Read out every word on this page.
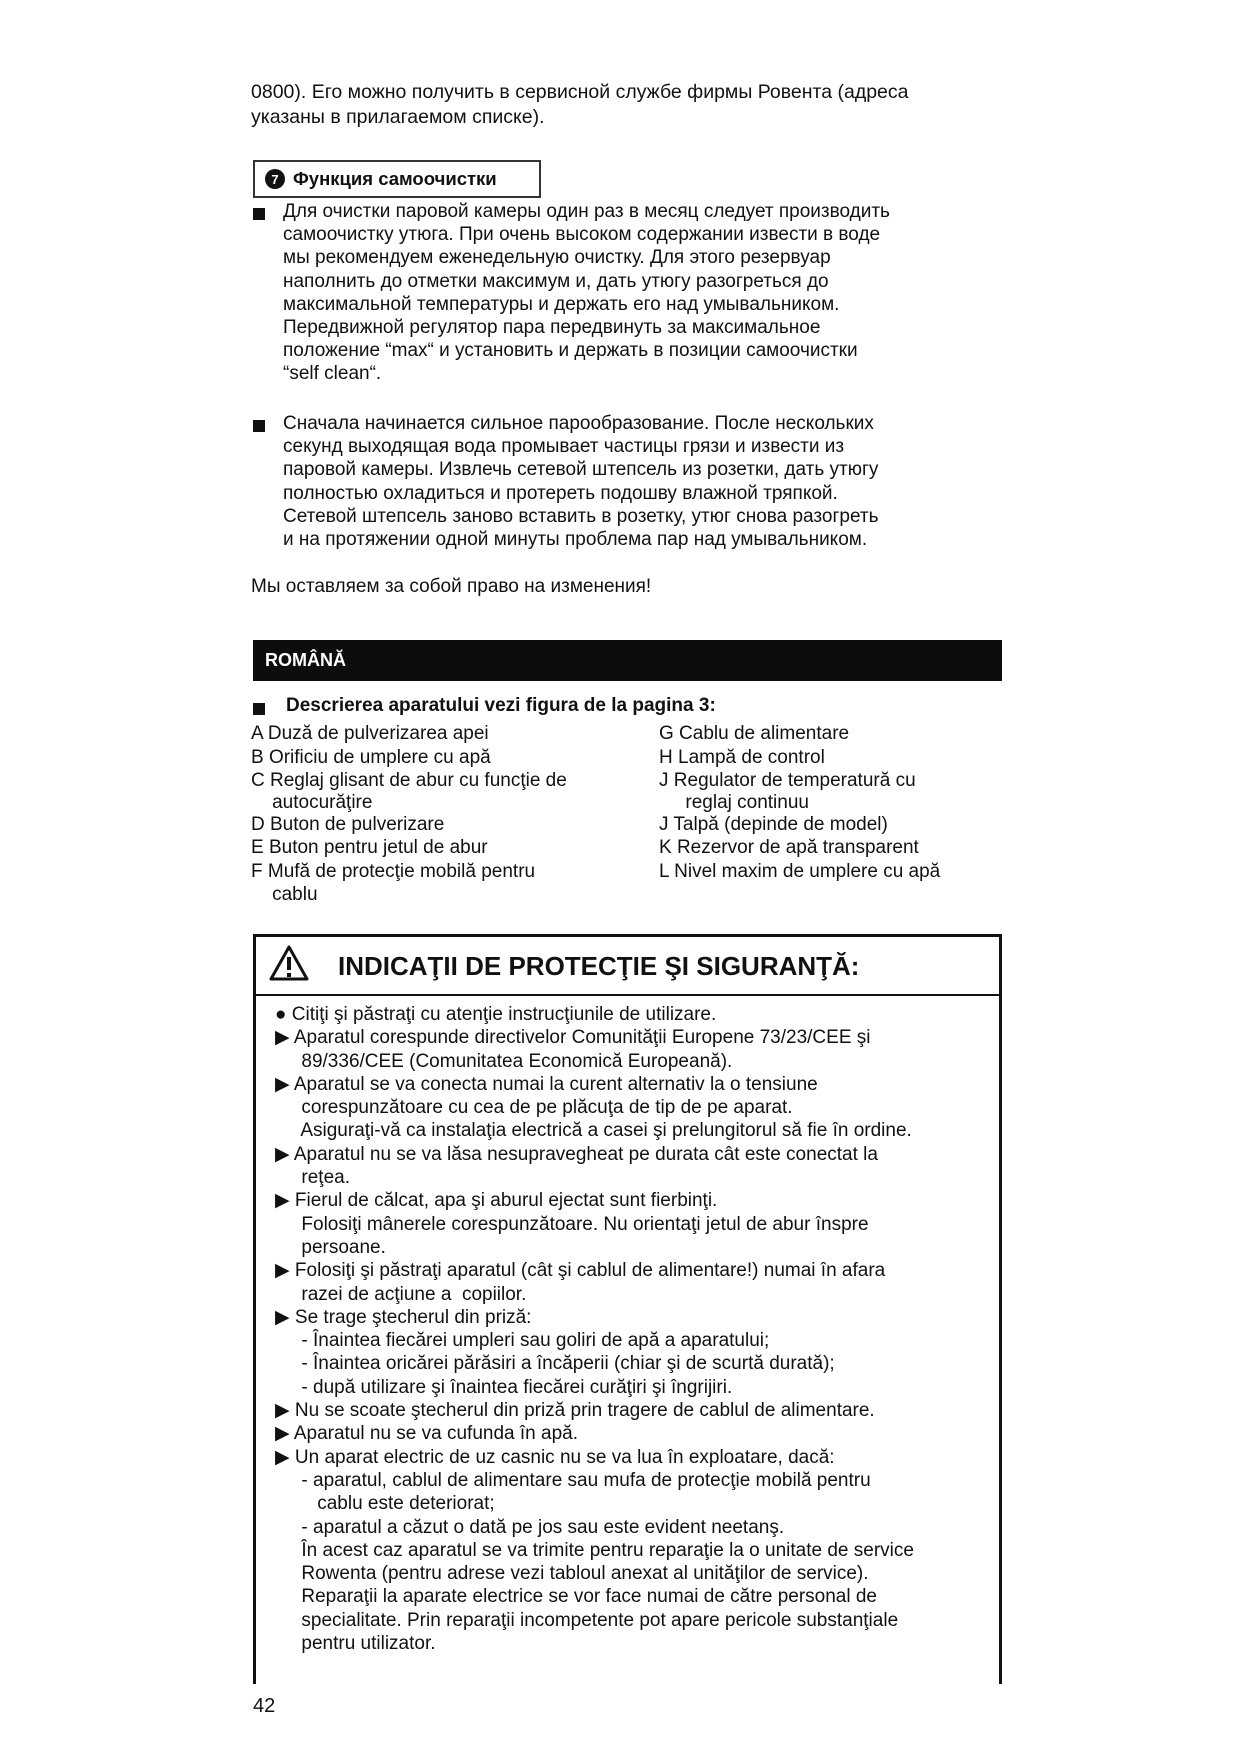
0800). Его можно получить в сервисной службе фирмы Ровента (адреса
указаны в прилагаемом списке).
7 Функция самоочистки
Для очистки паровой камеры один раз в месяц следует производить
самоочистку утюга. При очень высоком содержании извести в воде
мы рекомендуем еженедельную очистку. Для этого резервуар
наполнить до отметки максимум и, дать утюгу разогреться до
максимальной температуры и держать его над умывальником.
Передвижной регулятор пара передвинуть за максимальное
положение “max“ и установить и держать в позиции самоочистки
“self clean“.
Сначала начинается сильное парообразование. После нескольких
секунд выходящая вода промывает частицы грязи и извести из
паровой камеры. Извлечь сетевой штепсель из розетки, дать утюгу
полностью охладиться и протереть подошву влажной тряпкой.
Сетевой штепсель заново вставить в розетку, утюг снова разогреть
и на протяжении одной минуты проблема пар над умывальником.
Мы оставляем за собой право на изменения!
ROMÂNĂ
Descrierea aparatului vezi figura de la pagina 3:
A Duză de pulverizarea apei
B Orificiu de umplere cu apă
C Reglaj glisant de abur cu funcţie de
autocurăţire
D Buton de pulverizare
E Buton pentru jetul de abur
F Mufă de protecţie mobilă pentru
cablu
G Cablu de alimentare
H Lampă de control
J Regulator de temperatură cu
reglaj continuu
J Talpă (depinde de model)
K Rezervor de apă transparent
L Nivel maxim de umplere cu apă
INDICAŢII DE PROTECŢIE ŞI SIGURANŢĂ:
● Citiţi şi păstraţi cu atenţie instrucţiunile de utilizare.
▶ Aparatul corespunde directivelor Comunităţii Europene 73/23/CEE şi
89/336/CEE (Comunitatea Economică Europeană).
▶ Aparatul se va conecta numai la curent alternativ la o tensiune
corespunzătoare cu cea de pe plăcuţa de tip de pe aparat.
Asiguraţi-vă ca instalaţia electrică a casei şi prelungitorul să fie în ordine.
▶ Aparatul nu se va lăsa nesupravegheat pe durata cât este conectat la
reţea.
▶ Fierul de călcat, apa şi aburul ejectat sunt fierbinţi.
Folosiţi mânerele corespunzătoare. Nu orientaţi jetul de abur înspre
persoane.
▶ Folosiţi şi păstraţi aparatul (cât şi cablul de alimentare!) numai în afara
razei de acţiune a  copiilor.
▶ Se trage ştecherul din priză:
- Înaintea fiecărei umpleri sau goliri de apă a aparatului;
- Înaintea oricărei părăsiri a încăperii (chiar şi de scurtă durată);
- după utilizare şi înaintea fiecărei curăţiri şi îngrijiri.
▶ Nu se scoate ştecherul din priză prin tragere de cablul de alimentare.
▶ Aparatul nu se va cufunda în apă.
▶ Un aparat electric de uz casnic nu se va lua în exploatare, dacă:
- aparatul, cablul de alimentare sau mufa de protecţie mobilă pentru
cablu este deteriorat;
- aparatul a căzut o dată pe jos sau este evident neetanş.
În acest caz aparatul se va trimite pentru reparaţie la o unitate de service
Rowenta (pentru adrese vezi tabloul anexat al unităţilor de service).
Reparaţii la aparate electrice se vor face numai de către personal de
specialitate. Prin reparaţii incompetente pot apare pericole substanţiale
pentru utilizator.
42
